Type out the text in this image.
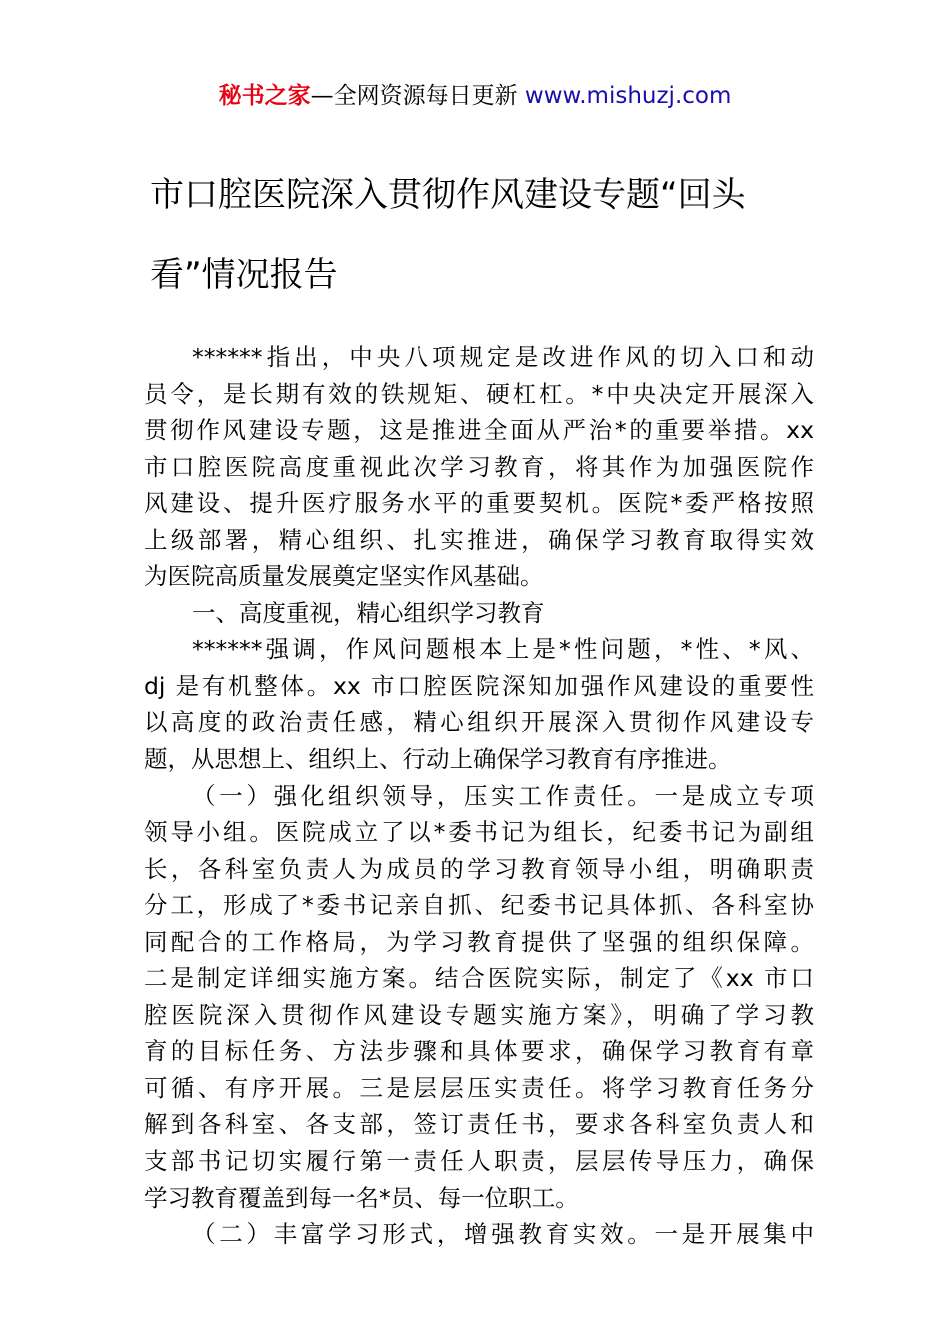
秘书之家—全网资源每日更新 www.mishuzj.com
市口腔医院深入贯彻作风建设专题“回头
看”情况报告
******指出，中央八项规定是改进作风的切入口和动
员令，是长期有效的铁规矩、硬杠杠。*中央决定开展深入
贯彻作风建设专题，这是推进全面从严治*的重要举措。xx
市口腔医院高度重视此次学习教育，将其作为加强医院作
风建设、提升医疗服务水平的重要契机。医院*委严格按照
上级部署，精心组织、扎实推进，确保学习教育取得实效
为医院高质量发展奠定坚实作风基础。
一、高度重视，精心组织学习教育
******强调，作风问题根本上是*性问题，*性、*风、
dj 是有机整体。xx 市口腔医院深知加强作风建设的重要性
以高度的政治责任感，精心组织开展深入贯彻作风建设专
题，从思想上、组织上、行动上确保学习教育有序推进。
（一）强化组织领导，压实工作责任。一是成立专项
领导小组。医院成立了以*委书记为组长，纪委书记为副组
长，各科室负责人为成员的学习教育领导小组，明确职责
分工，形成了*委书记亲自抓、纪委书记具体抓、各科室协
同配合的工作格局，为学习教育提供了坚强的组织保障。
二是制定详细实施方案。结合医院实际，制定了《xx 市口
腔医院深入贯彻作风建设专题实施方案》，明确了学习教
育的目标任务、方法步骤和具体要求，确保学习教育有章
可循、有序开展。三是层层压实责任。将学习教育任务分
解到各科室、各支部，签订责任书，要求各科室负责人和
支部书记切实履行第一责任人职责，层层传导压力，确保
学习教育覆盖到每一名*员、每一位职工。
（二）丰富学习形式，增强教育实效。一是开展集中
